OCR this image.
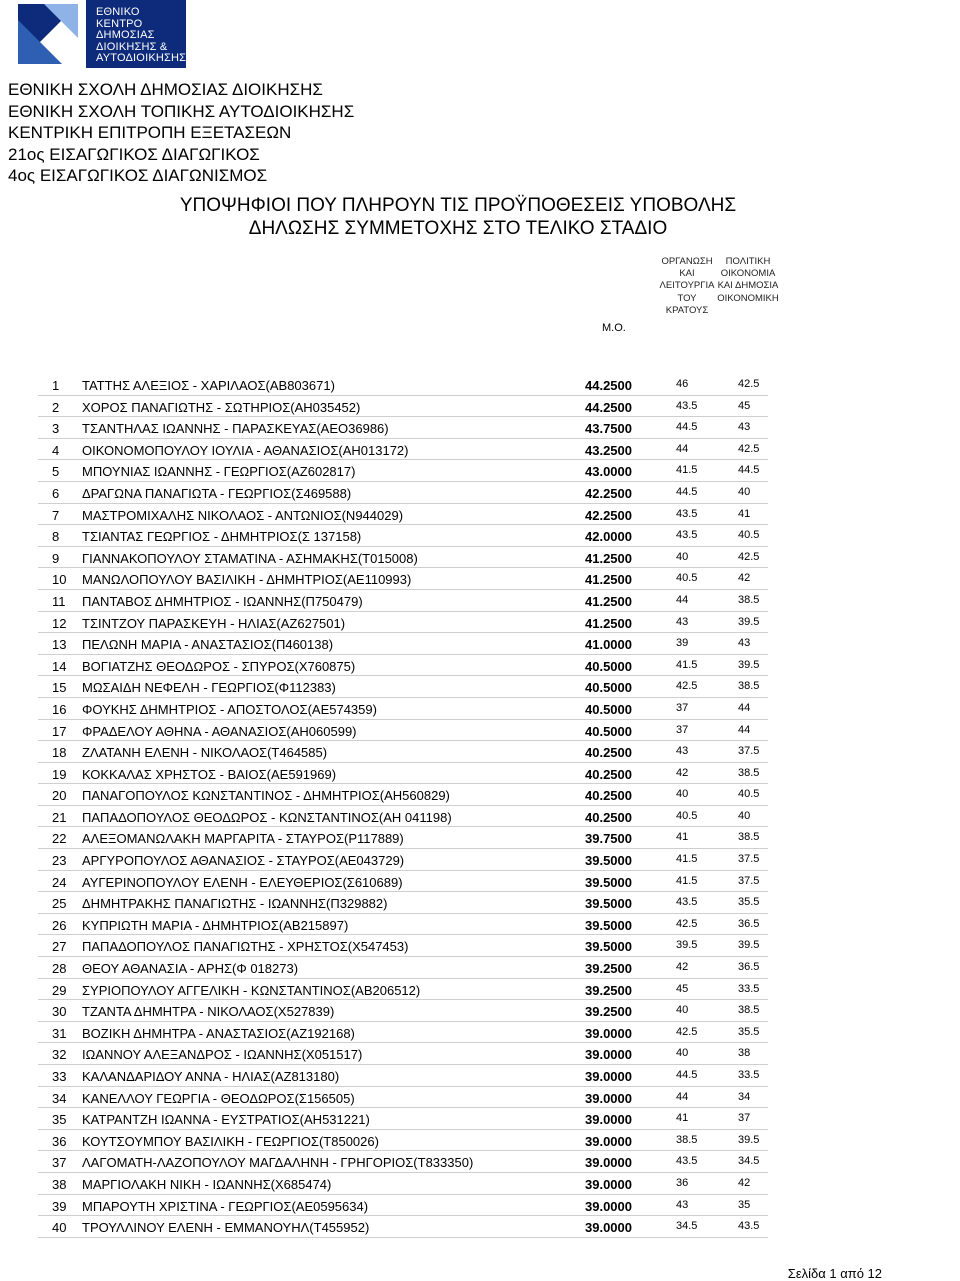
ΕΘΝΙΚΟ
ΚΕΝΤΡΟ
ΔΗΜΟΣΙΑΣ
ΔΙΟΙΚΗΣΗΣ &
ΑΥΤΟΔΙΟΙΚΗΣΗΣ
ΕΘΝΙΚΗ ΣΧΟΛΗ ΔΗΜΟΣΙΑΣ ΔΙΟΙΚΗΣΗΣ
ΕΘΝΙΚΗ ΣΧΟΛΗ ΤΟΠΙΚΗΣ ΑΥΤΟΔΙΟΙΚΗΣΗΣ
ΚΕΝΤΡΙΚΗ ΕΠΙΤΡΟΠΗ ΕΞΕΤΑΣΕΩΝ
21ος ΕΙΣΑΓΩΓΙΚΟΣ ΔΙΑΓΩΓΙΚΟΣ
4ος ΕΙΣΑΓΩΓΙΚΟΣ ΔΙΑΓΩΝΙΣΜΟΣ
ΥΠΟΨΗΦΙΟΙ ΠΟΥ ΠΛΗΡΟΥΝ ΤΙΣ ΠΡΟΫΠΟΘΕΣΕΙΣ ΥΠΟΒΟΛΗΣ
ΔΗΛΩΣΗΣ ΣΥΜΜΕΤΟΧΗΣ ΣΤΟ ΤΕΛΙΚΟ ΣΤΑΔΙΟ
ΟΡΓΑΝΩΣΗ ΚΑΙ
ΛΕΙΤΟΥΡΓΙΑ
ΤΟΥ ΚΡΑΤΟΥΣ
ΠΟΛΙΤΙΚΗ
ΟΙΚΟΝΟΜΙΑ
ΚΑΙ ΔΗΜΟΣΙΑ
ΟΙΚΟΝΟΜΙΚΗ
Μ.Ο.
1 ΤΑΤΤΗΣ ΑΛΕΞΙΟΣ - ΧΑΡΙΛΑΟΣ(ΑΒ803671)	44.2500	46	42.5
2 ΧΟΡΟΣ ΠΑΝΑΓΙΩΤΗΣ - ΣΩΤΗΡΙΟΣ(ΑΗ035452)	44.2500	43.5	45
3 ΤΣΑΝΤΗΛΑΣ ΙΩΑΝΝΗΣ - ΠΑΡΑΣΚΕΥΑΣ(ΑΕΟ36986)	43.7500	44.5	43
4 ΟΙΚΟΝΟΜΟΠΟΥΛΟΥ ΙΟΥΛΙΑ - ΑΘΑΝΑΣΙΟΣ(ΑΗ013172)	43.2500	44	42.5
5 ΜΠΟΥΝΙΑΣ ΙΩΑΝΝΗΣ - ΓΕΩΡΓΙΟΣ(ΑΖ602817)	43.0000	41.5	44.5
6 ΔΡΑΓΩΝΑ ΠΑΝΑΓΙΩΤΑ - ΓΕΩΡΓΙΟΣ(Σ469588)	42.2500	44.5	40
7 ΜΑΣΤΡΟΜΙΧΑΛΗΣ ΝΙΚΟΛΑΟΣ - ΑΝΤΩΝΙΟΣ(Ν944029)	42.2500	43.5	41
8 ΤΣΙΑΝΤΑΣ ΓΕΩΡΓΙΟΣ - ΔΗΜΗΤΡΙΟΣ(Σ 137158)	42.0000	43.5	40.5
9 ΓΙΑΝΝΑΚΟΠΟΥΛΟΥ ΣΤΑΜΑΤΙΝΑ - ΑΣΗΜΑΚΗΣ(Τ015008)	41.2500	40	42.5
10 ΜΑΝΩΛΟΠΟΥΛΟΥ ΒΑΣΙΛΙΚΗ - ΔΗΜΗΤΡΙΟΣ(ΑΕ110993)	41.2500	40.5	42
11 ΠΑΝΤΑΒΟΣ ΔΗΜΗΤΡΙΟΣ - ΙΩΑΝΝΗΣ(Π750479)	41.2500	44	38.5
12 ΤΣΙΝΤΖΟΥ ΠΑΡΑΣΚΕΥΗ - ΗΛΙΑΣ(ΑΖ627501)	41.2500	43	39.5
13 ΠΕΛΩΝΗ ΜΑΡΙΑ - ΑΝΑΣΤΑΣΙΟΣ(Π460138)	41.0000	39	43
14 ΒΟΓΙΑΤΖΗΣ ΘΕΟΔΩΡΟΣ - ΣΠΥΡΟΣ(Χ760875)	40.5000	41.5	39.5
15 ΜΩΣΑΙΔΗ ΝΕΦΕΛΗ - ΓΕΩΡΓΙΟΣ(Φ112383)	40.5000	42.5	38.5
16 ΦΟΥΚΗΣ ΔΗΜΗΤΡΙΟΣ - ΑΠΟΣΤΟΛΟΣ(ΑΕ574359)	40.5000	37	44
17 ΦΡΑΔΕΛΟΥ ΑΘΗΝΑ - ΑΘΑΝΑΣΙΟΣ(ΑΗ060599)	40.5000	37	44
18 ΖΛΑΤΑΝΗ ΕΛΕΝΗ - ΝΙΚΟΛΑΟΣ(Τ464585)	40.2500	43	37.5
19 ΚΟΚΚΑΛΑΣ ΧΡΗΣΤΟΣ - ΒΑΙΟΣ(ΑΕ591969)	40.2500	42	38.5
20 ΠΑΝΑΓΟΠΟΥΛΟΣ ΚΩΝΣΤΑΝΤΙΝΟΣ - ΔΗΜΗΤΡΙΟΣ(ΑΗ560829)	40.2500	40	40.5
21 ΠΑΠΑΔΟΠΟΥΛΟΣ ΘΕΟΔΩΡΟΣ - ΚΩΝΣΤΑΝΤΙΝΟΣ(ΑΗ 041198)	40.2500	40.5	40
22 ΑΛΕΞΟΜΑΝΩΛΑΚΗ ΜΑΡΓΑΡΙΤΑ - ΣΤΑΥΡΟΣ(Ρ117889)	39.7500	41	38.5
23 ΑΡΓΥΡΟΠΟΥΛΟΣ ΑΘΑΝΑΣΙΟΣ - ΣΤΑΥΡΟΣ(ΑΕ043729)	39.5000	41.5	37.5
24 ΑΥΓΕΡΙΝΟΠΟΥΛΟΥ ΕΛΕΝΗ - ΕΛΕΥΘΕΡΙΟΣ(Σ610689)	39.5000	41.5	37.5
25 ΔΗΜΗΤΡΑΚΗΣ ΠΑΝΑΓΙΩΤΗΣ - ΙΩΑΝΝΗΣ(Π329882)	39.5000	43.5	35.5
26 ΚΥΠΡΙΩΤΗ ΜΑΡΙΑ - ΔΗΜΗΤΡΙΟΣ(ΑΒ215897)	39.5000	42.5	36.5
27 ΠΑΠΑΔΟΠΟΥΛΟΣ ΠΑΝΑΓΙΩΤΗΣ - ΧΡΗΣΤΟΣ(Χ547453)	39.5000	39.5	39.5
28 ΘΕΟΥ ΑΘΑΝΑΣΙΑ - ΑΡΗΣ(Φ 018273)	39.2500	42	36.5
29 ΣΥΡΙΟΠΟΥΛΟΥ ΑΓΓΕΛΙΚΗ - ΚΩΝΣΤΑΝΤΙΝΟΣ(ΑΒ206512)	39.2500	45	33.5
30 ΤΖΑΝΤΑ ΔΗΜΗΤΡΑ - ΝΙΚΟΛΑΟΣ(Χ527839)	39.2500	40	38.5
31 ΒΟΖΙΚΗ ΔΗΜΗΤΡΑ - ΑΝΑΣΤΑΣΙΟΣ(ΑΖ192168)	39.0000	42.5	35.5
32 ΙΩΑΝΝΟΥ ΑΛΕΞΑΝΔΡΟΣ - ΙΩΑΝΝΗΣ(Χ051517)	39.0000	40	38
33 ΚΑΛΑΝΔΑΡΙΔΟΥ ΑΝΝΑ - ΗΛΙΑΣ(ΑΖ813180)	39.0000	44.5	33.5
34 ΚΑΝΕΛΛΟΥ ΓΕΩΡΓΙΑ - ΘΕΟΔΩΡΟΣ(Σ156505)	39.0000	44	34
35 ΚΑΤΡΑΝΤΖΗ ΙΩΑΝΝΑ - ΕΥΣΤΡΑΤΙΟΣ(ΑΗ531221)	39.0000	41	37
36 ΚΟΥΤΣΟΥΜΠΟΥ ΒΑΣΙΛΙΚΗ - ΓΕΩΡΓΙΟΣ(Τ850026)	39.0000	38.5	39.5
37 ΛΑΓΟΜΑΤΗ-ΛΑΖΟΠΟΥΛΟΥ ΜΑΓΔΑΛΗΝΗ - ΓΡΗΓΟΡΙΟΣ(Τ833350)	39.0000	43.5	34.5
38 ΜΑΡΓΙΟΛΑΚΗ ΝΙΚΗ - ΙΩΑΝΝΗΣ(Χ685474)	39.0000	36	42
39 ΜΠΑΡΟΥΤΗ ΧΡΙΣΤΙΝΑ - ΓΕΩΡΓΙΟΣ(ΑΕ0595634)	39.0000	43	35
40 ΤΡΟΥΛΛΙΝΟΥ ΕΛΕΝΗ - ΕΜΜΑΝΟΥΗΛ(Τ455952)	39.0000	34.5	43.5
Σελίδα 1 από 12
